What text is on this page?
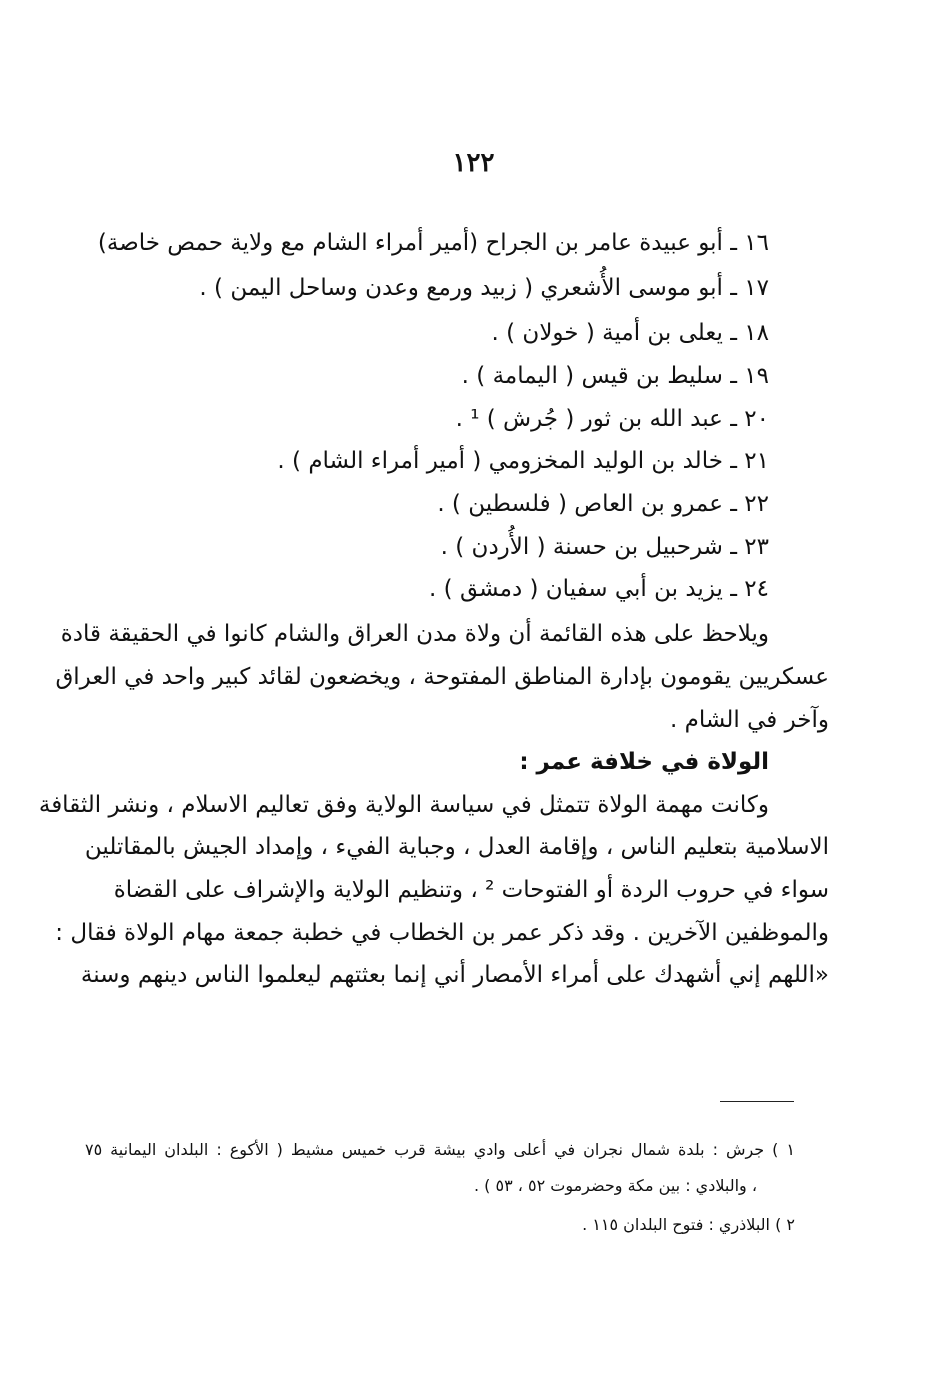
١٢٢
١٦ ـ أبو عبيدة عامر بن الجراح (أمير أمراء الشام مع ولاية حمص خاصة)
١٧ ـ أبو موسى الأُشعري ( زبيد ورمع وعدن وساحل اليمن ) .
١٨ ـ يعلى بن أمية ( خولان ) .
١٩ ـ سليط بن قيس ( اليمامة ) .
٢٠ ـ عبد الله بن ثور ( جُرش ) ¹ .
٢١ ـ خالد بن الوليد المخزومي ( أمير أمراء الشام ) .
٢٢ ـ عمرو بن العاص ( فلسطين ) .
٢٣ ـ شرحبيل بن حسنة ( الأُردن ) .
٢٤ ـ يزيد بن أبي سفيان ( دمشق ) .
ويلاحظ على هذه القائمة أن ولاة مدن العراق والشام كانوا في الحقيقة قادة
عسكريين يقومون بإدارة المناطق المفتوحة ، ويخضعون لقائد كبير واحد في العراق
وآخر في الشام .
الولاة في خلافة عمر :
وكانت مهمة الولاة تتمثل في سياسة الولاية وفق تعاليم الاسلام ، ونشر الثقافة
الاسلامية بتعليم الناس ، وإقامة العدل ، وجباية الفيء ، وإمداد الجيش بالمقاتلين
سواء في حروب الردة أو الفتوحات ² ، وتنظيم الولاية والإشراف على القضاة
والموظفين الآخرين . وقد ذكر عمر بن الخطاب في خطبة جمعة مهام الولاة فقال :
«اللهم إني أشهدك على أمراء الأمصار أني إنما بعثتهم ليعلموا الناس دينهم وسنة
١ ) جرش : بلدة شمال نجران في أعلى وادي بيشة قرب خميس مشيط ( الأكوع : البلدان اليمانية ٧٥
، والبلادي : بين مكة وحضرموت ٥٢ ، ٥٣ ) .
٢ ) البلاذري : فتوح البلدان ١١٥ .
